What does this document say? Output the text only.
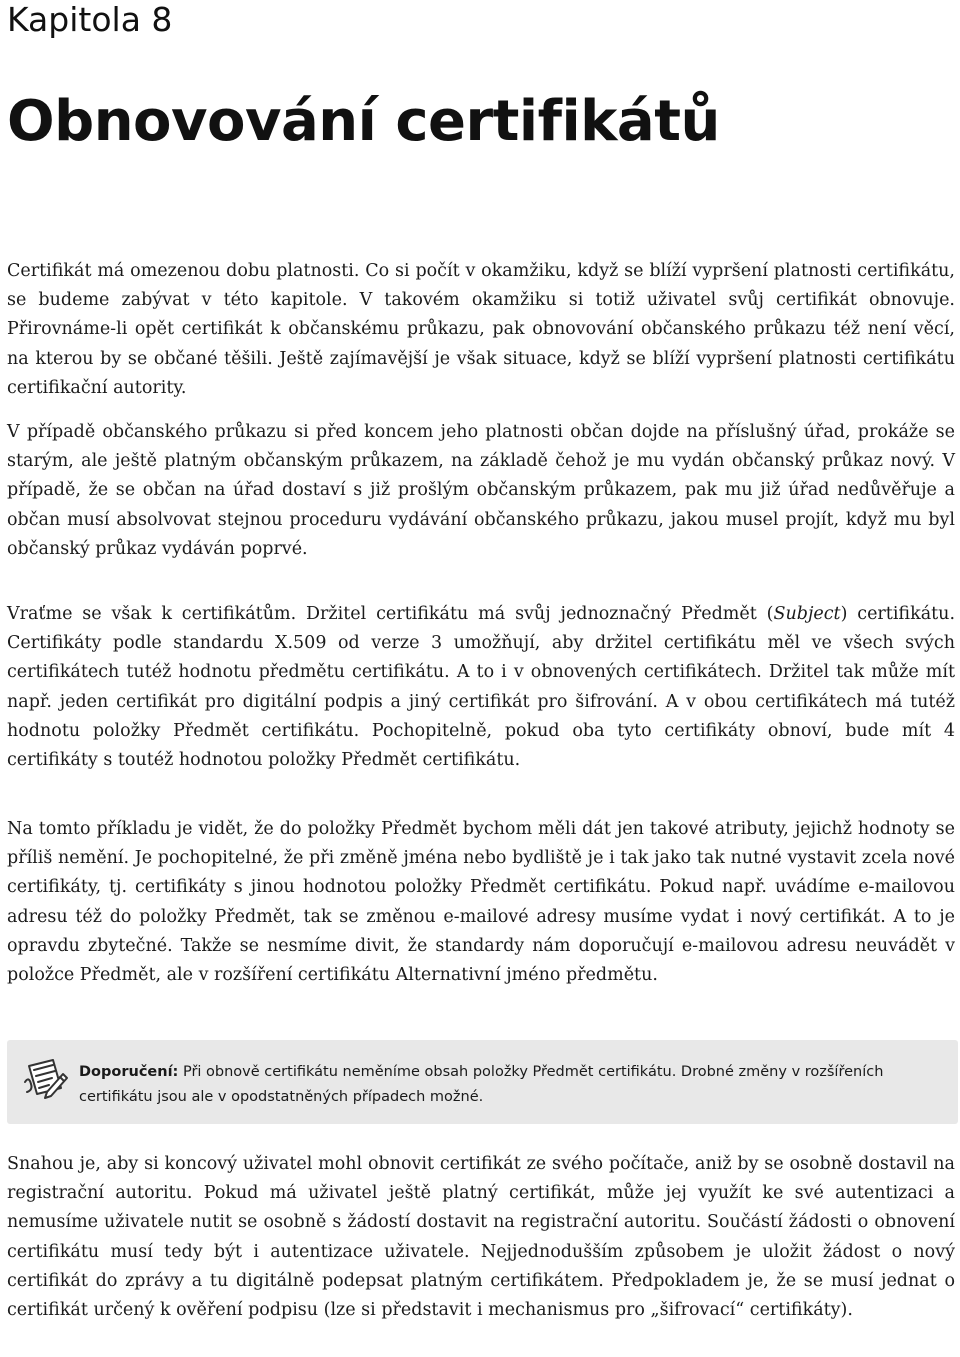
Kapitola 8
Obnovování certifikátů

Certifikát má omezenou dobu platnosti. Co si počít v okamžiku, když se blíží vypršení platnosti certifikátu, se budeme zabývat v této kapitole. V takovém okamžiku si totiž uživatel svůj certifikát obnovuje. Přirovnáme-li opět certifikát k občanskému průkazu, pak obnovování občanského průkazu též není věcí, na kterou by se občané těšili. Ještě zajímavější je však situace, když se blíží vypršení platnosti certifikátu certifikační autority.

V případě občanského průkazu si před koncem jeho platnosti občan dojde na příslušný úřad, prokáže se starým, ale ještě platným občanským průkazem, na základě čehož je mu vydán občanský průkaz nový. V případě, že se občan na úřad dostaví s již prošlým občanským průkazem, pak mu již úřad nedůvěřuje a občan musí absolvovat stejnou proceduru vydávání občanského průkazu, jakou musel projít, když mu byl občanský průkaz vydáván poprvé.

Vraťme se však k certifikátům. Držitel certifikátu má svůj jednoznačný Předmět (Subject) certifikátu. Certifikáty podle standardu X.509 od verze 3 umožňují, aby držitel certifikátu měl ve všech svých certifikátech tutéž hodnotu předmětu certifikátu. A to i v obnovených certifikátech. Držitel tak může mít např. jeden certifikát pro digitální podpis a jiný certifikát pro šifrování. A v obou certifikátech má tutéž hodnotu položky Předmět certifikátu. Pochopitelně, pokud oba tyto certifikáty obnoví, bude mít 4 certifikáty s toutéž hodnotou položky Předmět certifikátu.

Na tomto příkladu je vidět, že do položky Předmět bychom měli dát jen takové atributy, jejichž hodnoty se příliš nemění. Je pochopitelné, že při změně jména nebo bydliště je i tak jako tak nutné vystavit zcela nové certifikáty, tj. certifikáty s jinou hodnotou položky Předmět certifikátu. Pokud např. uvádíme e-mailovou adresu též do položky Předmět, tak se změnou e-mailové adresy musíme vydat i nový certifikát. A to je opravdu zbytečné. Takže se nesmíme divit, že standardy nám doporučují e-mailovou adresu neuvádět v položce Předmět, ale v rozšíření certifikátu Alternativní jméno předmětu.

Doporučení: Při obnově certifikátu neměníme obsah položky Předmět certifikátu. Drobné změny v rozšířeních certifikátu jsou ale v opodstatněných případech možné.

Snahou je, aby si koncový uživatel mohl obnovit certifikát ze svého počítače, aniž by se osobně dostavil na registrační autoritu. Pokud má uživatel ještě platný certifikát, může jej využít ke své autentizaci a nemusíme uživatele nutit se osobně s žádostí dostavit na registrační autoritu. Součástí žádosti o obnovení certifikátu musí tedy být i autentizace uživatele. Nejjednodušším způsobem je uložit žádost o nový certifikát do zprávy a tu digitálně podepsat platným certifikátem. Předpokladem je, že se musí jednat o certifikát určený k ověření podpisu (lze si představit i mechanismus pro „šifrovací“ certifikáty).
